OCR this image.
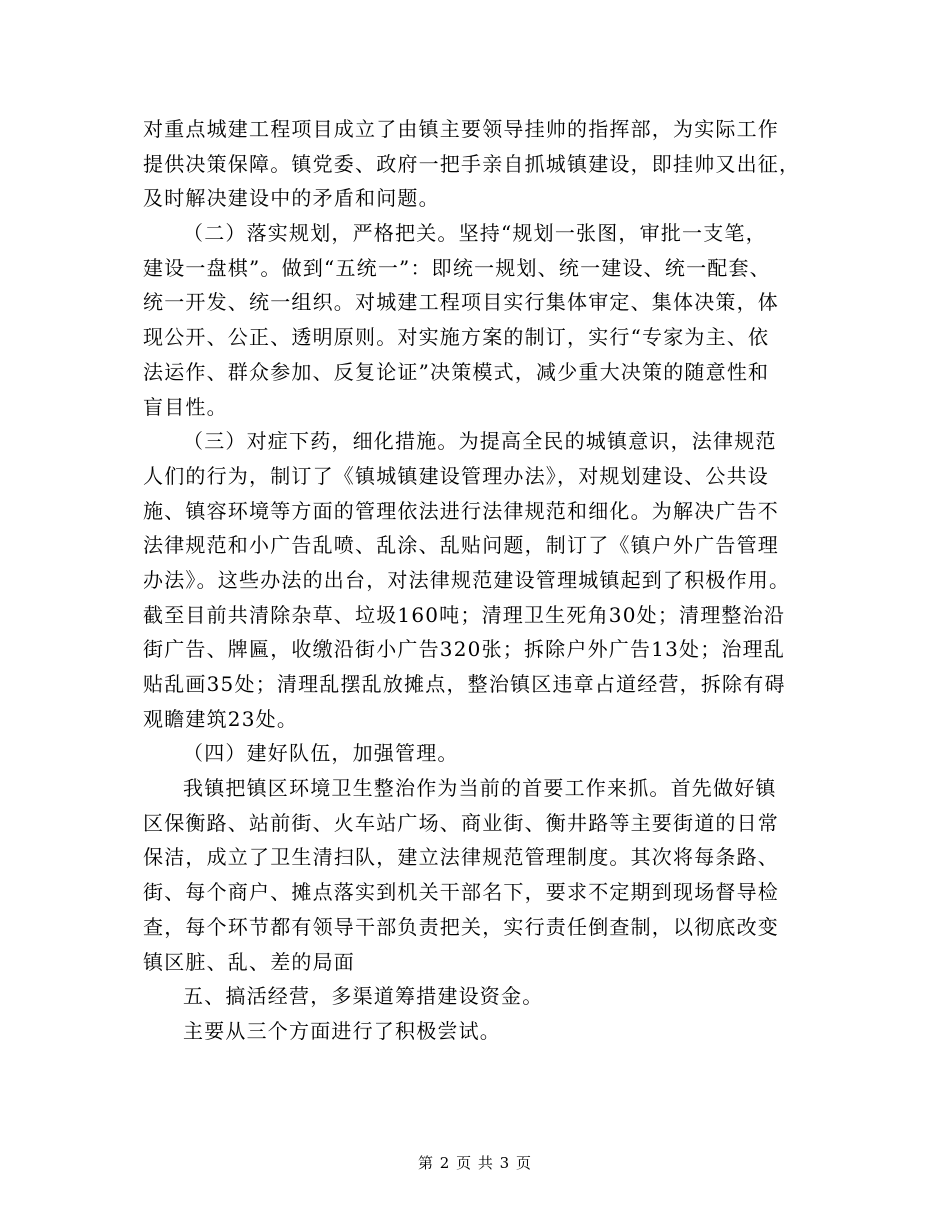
对重点城建工程项目成立了由镇主要领导挂帅的指挥部，为实际工作
提供决策保障。镇党委、政府一把手亲自抓城镇建设，即挂帅又出征，
及时解决建设中的矛盾和问题。
（二）落实规划，严格把关。坚持“规划一张图，审批一支笔，
建设一盘棋”。做到“五统一”：即统一规划、统一建设、统一配套、
统一开发、统一组织。对城建工程项目实行集体审定、集体决策，体
现公开、公正、透明原则。对实施方案的制订，实行“专家为主、依
法运作、群众参加、反复论证”决策模式，减少重大决策的随意性和
盲目性。
（三）对症下药，细化措施。为提高全民的城镇意识，法律规范
人们的行为，制订了《镇城镇建设管理办法》，对规划建设、公共设
施、镇容环境等方面的管理依法进行法律规范和细化。为解决广告不
法律规范和小广告乱喷、乱涂、乱贴问题，制订了《镇户外广告管理
办法》。这些办法的出台，对法律规范建设管理城镇起到了积极作用。
截至目前共清除杂草、垃圾160吨；清理卫生死角30处；清理整治沿
街广告、牌匾，收缴沿街小广告320张；拆除户外广告13处；治理乱
贴乱画35处；清理乱摆乱放摊点，整治镇区违章占道经营，拆除有碍
观瞻建筑23处。
（四）建好队伍，加强管理。
我镇把镇区环境卫生整治作为当前的首要工作来抓。首先做好镇
区保衡路、站前街、火车站广场、商业街、衡井路等主要街道的日常
保洁，成立了卫生清扫队，建立法律规范管理制度。其次将每条路、
街、每个商户、摊点落实到机关干部名下，要求不定期到现场督导检
查，每个环节都有领导干部负责把关，实行责任倒查制，以彻底改变
镇区脏、乱、差的局面
五、搞活经营，多渠道筹措建设资金。
主要从三个方面进行了积极尝试。
第 2 页 共 3 页
